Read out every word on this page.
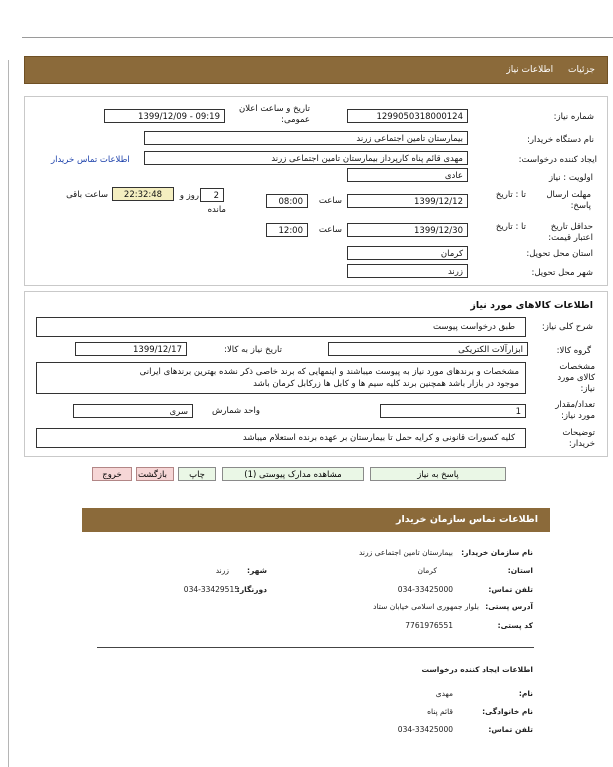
جزئیات اطلاعات نیاز
شماره نیاز:
1299050318000124
تاریخ و ساعت اعلان عمومی:
1399/12/09 - 09:19
نام دستگاه خریدار:
بیمارستان تامین اجتماعی زرند
ایجاد کننده درخواست:
مهدی قائم پناه کارپرداز بیمارستان تامین اجتماعی زرند
اطلاعات تماس خریدار
اولویت : نیاز
عادی
مهلت ارسال پاسخ:
تا : تاریخ
1399/12/12
ساعت
08:00
2
روز و
22:32:48
ساعت باقی
مانده
حداقل تاریخ اعتبار قیمت:
تا : تاریخ
1399/12/30
ساعت
12:00
استان محل تحویل:
کرمان
شهر محل تحویل:
زرند
اطلاعات کالاهای مورد نیاز
شرح کلی نیاز:
طبق درخواست پیوست
گروه کالا:
ابزارآلات الکتریکی
تاریخ نیاز به کالا:
1399/12/17
مشخصات کالای مورد نیاز:
مشخصات و برندهای مورد نیاز به پیوست میباشند و اینمهایی که برند خاصی ذکر نشده بهترین برندهای ایرانی
موجود در بازار باشد همچنین برند کلیه سیم ها و کابل ها زرکابل کرمان باشد
تعداد/مقدار مورد نیاز:
1
واحد شمارش
سری
توضیحات خریدار:
کلیه کسورات قانونی و کرایه حمل تا بیمارستان بر عهده برنده استعلام میباشد
پاسخ به نیاز
مشاهده مدارک پیوستی (1)
چاپ
بازگشت
خروج
اطلاعات تماس سازمان خریدار
نام سازمان خریدار:
بیمارستان تامین اجتماعی زرند
استان:
کرمان
شهر:
زرند
تلفن تماس:
034-33425000
دورنگار:
034-33429515
آدرس پستی:
بلوار جمهوری اسلامی خیابان ستاد
کد پستی:
7761976551
اطلاعات ایجاد کننده درخواست
نام:
مهدی
نام خانوادگی:
قائم پناه
تلفن تماس:
034-33425000
